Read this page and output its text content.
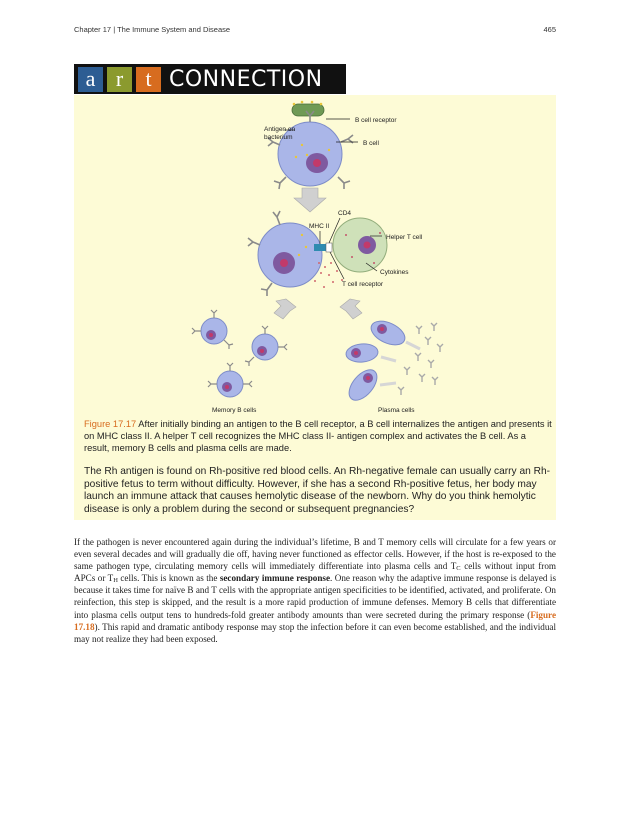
Chapter 17 | The Immune System and Disease	465
a r	t CONNECTION
Antigen on
bacterium
B cell receptor
B cell
MHC II
CD4
Helper T cell
Cytokines
T cell receptor
Memory B cells	Plasma cells
Figure 17.17 After initially binding an antigen to the B cell receptor, a B cell internalizes the antigen and presents it on MHC class II. A helper T cell recognizes the MHC class II- antigen complex and activates the B cell. As a result, memory B cells and plasma cells are made.
The Rh antigen is found on Rh-positive red blood cells. An Rh-negative female can usually carry an Rh-positive fetus to term without difficulty. However, if she has a second Rh-positive fetus, her body may launch an immune attack that causes hemolytic disease of the newborn. Why do you think hemolytic disease is only a problem during the second or subsequent pregnancies?

If the pathogen is never encountered again during the individual’s lifetime, B and T memory cells will circulate for a few years or even several decades and will gradually die off, having never functioned as effector cells. However, if the host is re-exposed to the same pathogen type, circulating memory cells will immediately differentiate into plasma cells and $T_C$ cells without input from APCs or $T_H$ cells. This is known as the secondary immune response. One reason why the adaptive immune response is delayed is because it takes time for naïve B and T cells with the appropriate antigen specificities to be identified, activated, and proliferate. On reinfection, this step is skipped, and the result is a more rapid production of immune defenses. Memory B cells that differentiate into plasma cells output tens to hundreds-fold greater antibody amounts than were secreted during the primary response (Figure 17.18). This rapid and dramatic antibody response may stop the infection before it can even become established, and the individual may not realize they had been exposed.
